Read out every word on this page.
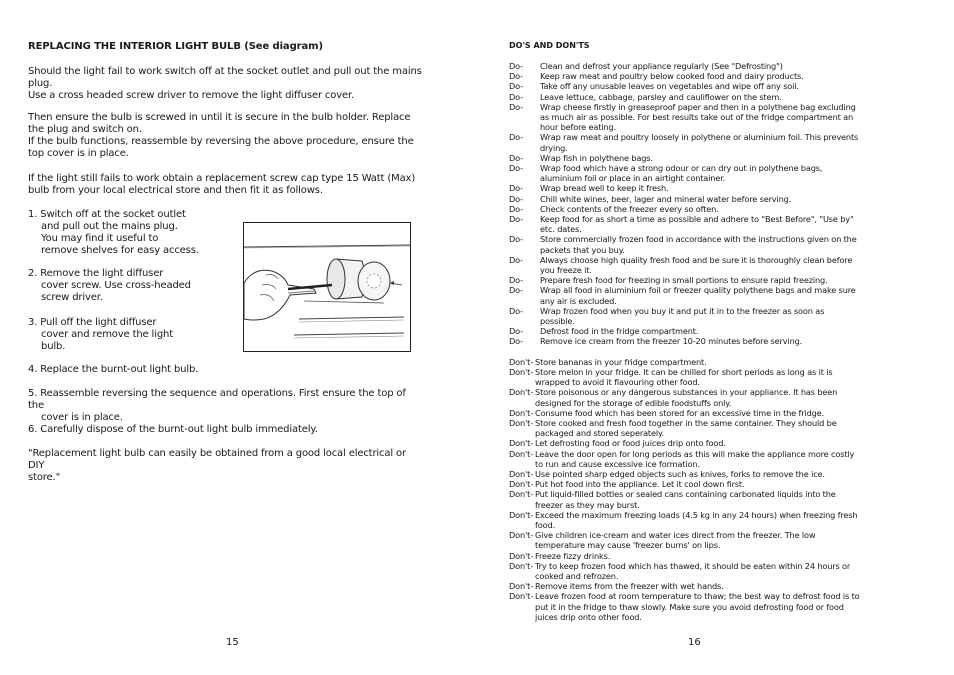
REPLACING THE INTERIOR LIGHT BULB (See diagram)
Should the light fail to work switch off at the socket outlet and pull out the mains plug.
Use a cross headed screw driver to remove the light diffuser cover.
Then ensure the bulb is screwed in until it is secure in the bulb holder. Replace the plug and switch on.
If the bulb functions, reassemble by reversing the above procedure, ensure the top cover is in place.
If the light still fails to work obtain a replacement screw cap type 15 Watt (Max) bulb from your local electrical store and then fit it as follows.
1. Switch off at the socket outlet
and pull out the mains plug.
You may find it useful to
remove shelves for easy access.
2. Remove the light diffuser
cover screw. Use cross-headed
screw driver.
3. Pull off the light diffuser
cover and remove the light
bulb.
4. Replace the burnt-out light bulb.
5. Reassemble reversing the sequence and operations. First ensure the top of the
cover is in place.
6. Carefully dispose of the burnt-out light bulb immediately.
"Replacement light bulb can easily be obtained from a good local electrical or DIY
store."
15
DO'S AND DON'TS
Do-	Clean and defrost your appliance regularly (See "Defrosting")
Do-	Keep raw meat and poultry below cooked food and dairy products.
Do-	Take off any unusable leaves on vegetables and wipe off any soil.
Do-	Leave lettuce, cabbage, parsley and cauliflower on the stem.
Do-	Wrap cheese firstly in greaseproof paper and then in a polythene bag excluding as much air as possible. For best results take out of the fridge compartment an hour before eating.
Do-	Wrap raw meat and poultry loosely in polythene or aluminium foil. This prevents drying.
Do-	Wrap fish in polythene bags.
Do-	Wrap food which have a strong odour or can dry out in polythene bags, aluminium foil or place in an airtight container.
Do-	Wrap bread well to keep it fresh.
Do-	Chill white wines, beer, lager and mineral water before serving.
Do-	Check contents of the freezer every so often.
Do-	Keep food for as short a time as possible and adhere to "Best Before", "Use by" etc. dates.
Do-	Store commercially frozen food in accordance with the instructions given on the packets that you buy.
Do-	Always choose high quality fresh food and be sure it is thoroughly clean before you freeze it.
Do-	Prepare fresh food for freezing in small portions to ensure rapid freezing.
Do-	Wrap all food in aluminium foil or freezer quality polythene bags and make sure any air is excluded.
Do-	Wrap frozen food when you buy it and put it in to the freezer as soon as possible.
Do-	Defrost food in the fridge compartment.
Do-	Remove ice cream from the freezer 10-20 minutes before serving.
Don't- Store bananas in your fridge compartment.
Don't- Store melon in your fridge. It can be chilled for short periods as long as it is wrapped to avoid it flavouring other food.
Don't- Store poisonous or any dangerous substances in your appliance. It has been designed for the storage of edible foodstuffs only.
Don't- Consume food which has been stored for an excessive time in the fridge.
Don't- Store cooked and fresh food together in the same container. They should be packaged and stored seperately.
Don't- Let defrosting food or food juices drip onto food.
Don't- Leave the door open for long periods as this will make the appliance more costly to run and cause excessive ice formation.
Don't- Use pointed sharp edged objects such as knives, forks to remove the ice.
Don't- Put hot food into the appliance. Let it cool down first.
Don't- Put liquid-filled bottles or sealed cans containing carbonated liquids into the freezer as they may burst.
Don't- Exceed the maximum freezing loads (4.5 kg in any 24 hours) when freezing fresh food.
Don't- Give children ice-cream and water ices direct from the freezer. The low temperature may cause 'freezer burns' on lips.
Don't- Freeze fizzy drinks.
Don't- Try to keep frozen food which has thawed, it should be eaten within 24 hours or cooked and refrozen.
Don't- Remove items from the freezer with wet hands.
Don't- Leave frozen food at room temperature to thaw; the best way to defrost food is to put it in the fridge to thaw slowly. Make sure you avoid defrosting food or food juices drip onto other food.
16
